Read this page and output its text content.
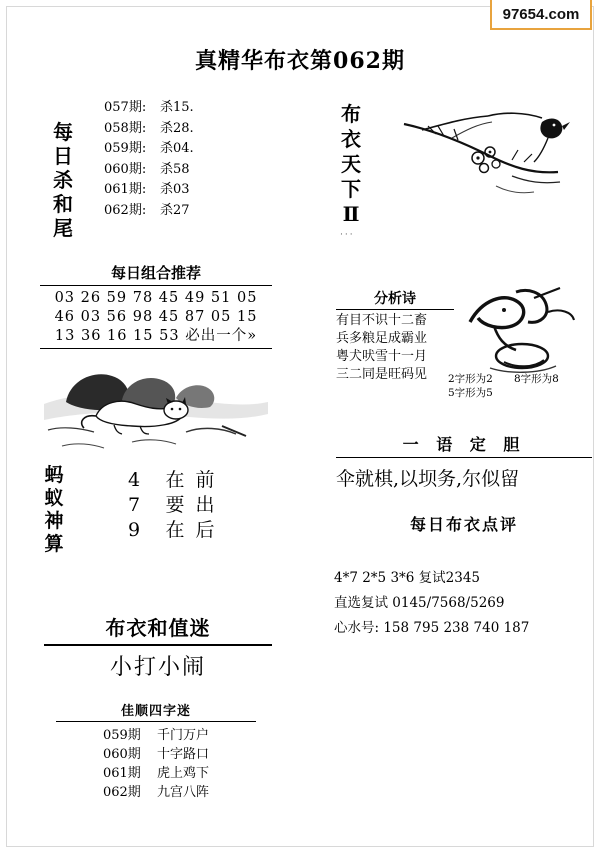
97654.com
真精华布衣第062期
每日杀和尾
057期: 杀15.
058期: 杀28.
059期: 杀04.
060期: 杀58
061期: 杀03
062期: 杀27
每日组合推荐
03 26 59 78 45 49 51 05
46 03 56 98 45 87 05 15
13 36 16 15 53 必出一个»
蚂蚁神算
4
7
9
在
要
在
前
出
后
布衣和值迷
小打小闹
佳顺四字迷
059期 千门万户
060期 十字路口
061期 虎上鸡下
062期 九宫八阵
布
衣
天
下
Ⅱ
···
分析诗
有目不识十二畜
兵多粮足成霸业
粤犬吠雪十一月
三二同是旺码见	2字形为2 8字形为8
5字形为5
一 语 定 胆
伞就棋,以坝务,尔似留
每日布衣点评
4*7 2*5 3*6 复试2345
直选复试 0145/7568/5269
心水号: 158 795 238 740 187
